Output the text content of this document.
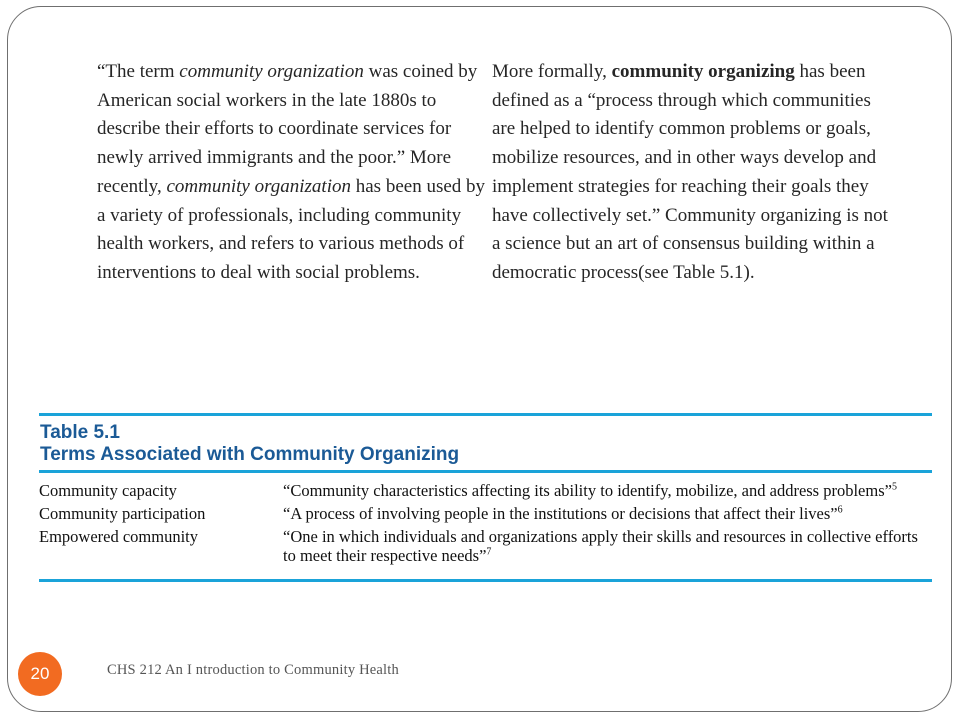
“The term community organization was coined by American social workers in the late 1880s to describe their efforts to coordinate services for newly arrived immigrants and the poor.” More recently, community organization has been used by a variety of professionals, including community health workers, and refers to various methods of interventions to deal with social problems.
More formally, community organizing has been defined as a “process through which communities are helped to identify common problems or goals, mobilize resources, and in other ways develop and implement strategies for reaching their goals they have collectively set.” Community organizing is not a science but an art of consensus building within a democratic process(see Table 5.1).
Table 5.1
Terms Associated with Community Organizing
Community capacity	“Community characteristics affecting its ability to identify, mobilize, and address problems”$^5$
Community participation	“A process of involving people in the institutions or decisions that affect their lives”$^6$
Empowered community	“One in which individuals and organizations apply their skills and resources in collective efforts to meet their respective needs”$^7$
20	CHS 212 An I ntroduction to Community Health
